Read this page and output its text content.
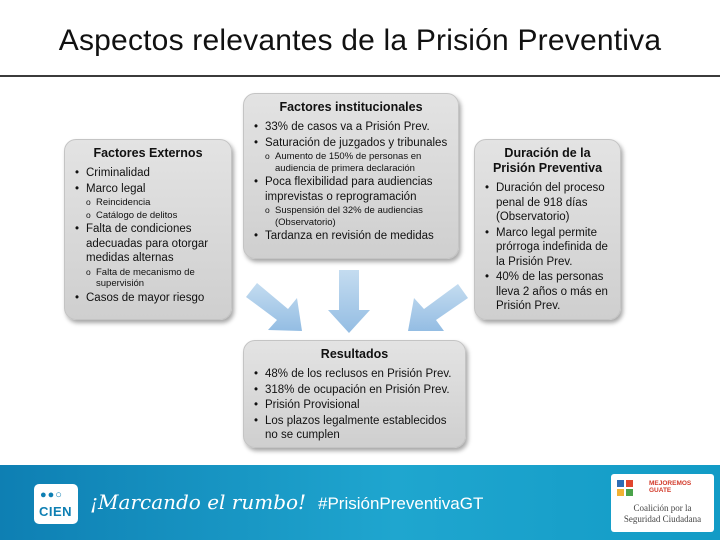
Aspectos relevantes de la Prisión Preventiva
Factores Externos
• Criminalidad
• Marco legal
o Reincidencia
o Catálogo de delitos
• Falta de condiciones adecuadas para otorgar medidas alternas
o Falta de mecanismo de supervisión
• Casos de mayor riesgo
Factores institucionales
• 33% de casos va a Prisión Prev.
• Saturación de juzgados y tribunales
o Aumento de 150% de personas en audiencia de primera declaración
• Poca flexibilidad para audiencias imprevistas o reprogramación
o Suspensión del 32% de audiencias (Observatorio)
• Tardanza en revisión de medidas
Duración de la Prisión Preventiva
• Duración del proceso penal de 918 días (Observatorio)
• Marco legal permite prórroga indefinida de la Prisión Prev.
• 40% de las personas lleva 2 años o más en Prisión Prev.
Resultados
• 48% de los reclusos en Prisión Prev.
• 318% de ocupación en Prisión Prev.
• Prisión Provisional
• Los plazos legalmente establecidos no se cumplen
●●○
CIEN ¡Marcando el rumbo! #PrisiónPreventivaGT
MEJOREMOS GUATE
Coalición por la
Seguridad Ciudadana
